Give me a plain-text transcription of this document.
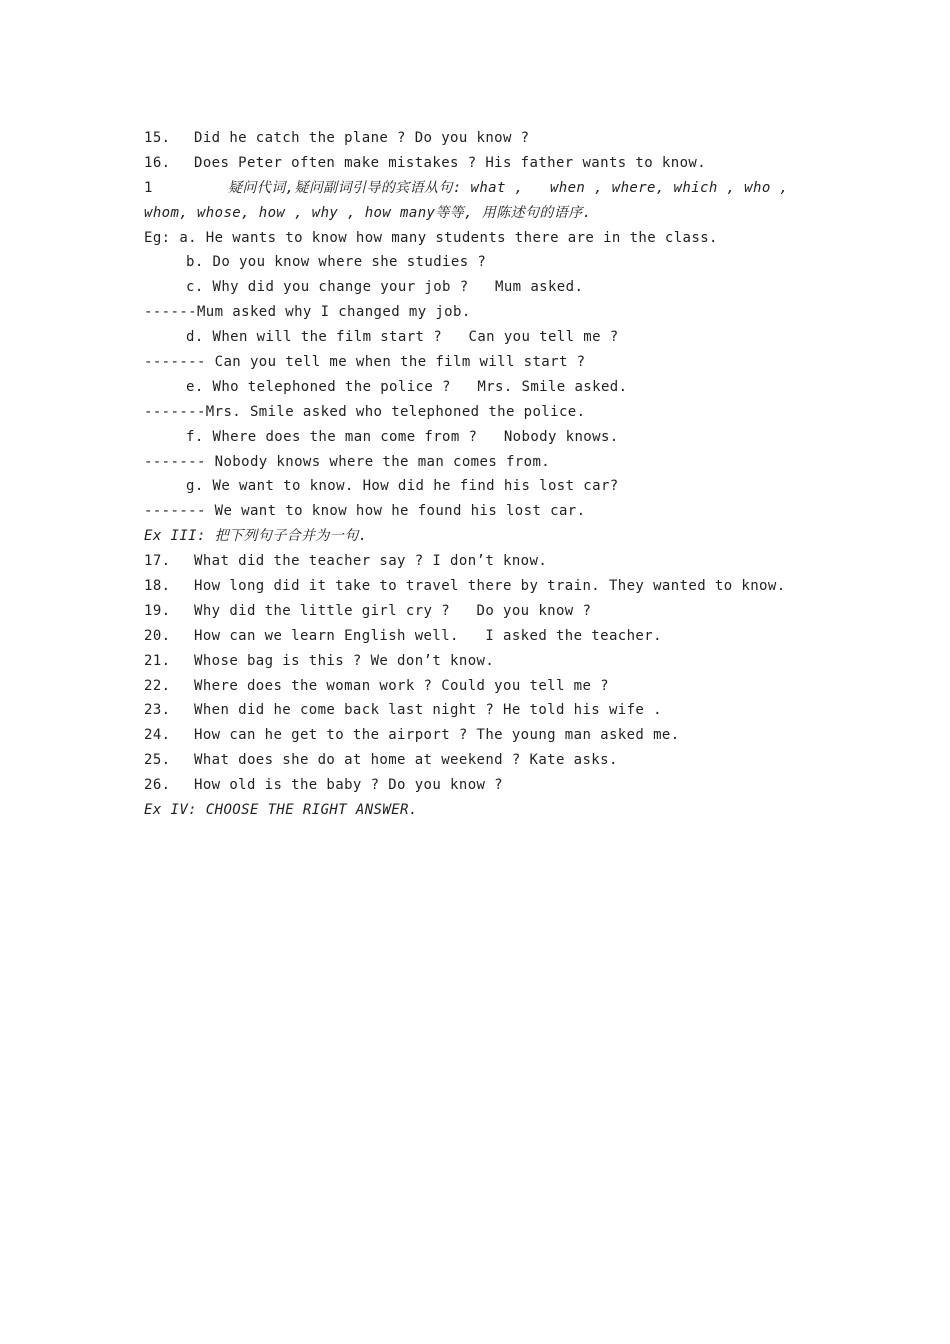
15. Did he catch the plane ? Do you know ?
16. Does Peter often make mistakes ? His father wants to know.
1	疑问代词,疑问副词引导的宾语从句: what ,   when , where, which , who ,
whom, whose, how , why , how many等等, 用陈述句的语序.
Eg: a. He wants to know how many students there are in the class.
b. Do you know where she studies ?
c. Why did you change your job ?   Mum asked.
------Mum asked why I changed my job.
d. When will the film start ?   Can you tell me ?
------- Can you tell me when the film will start ?
e. Who telephoned the police ?   Mrs. Smile asked.
-------Mrs. Smile asked who telephoned the police.
f. Where does the man come from ?   Nobody knows.
------- Nobody knows where the man comes from.
g. We want to know. How did he find his lost car?
------- We want to know how he found his lost car.
Ex III: 把下列句子合并为一句.
17. What did the teacher say ? I don’t know.
18. How long did it take to travel there by train. They wanted to know.
19. Why did the little girl cry ?   Do you know ?
20. How can we learn English well.   I asked the teacher.
21. Whose bag is this ? We don’t know.
22. Where does the woman work ? Could you tell me ?
23. When did he come back last night ? He told his wife .
24. How can he get to the airport ? The young man asked me.
25. What does she do at home at weekend ? Kate asks.
26. How old is the baby ? Do you know ?
Ex IV: CHOOSE THE RIGHT ANSWER.
